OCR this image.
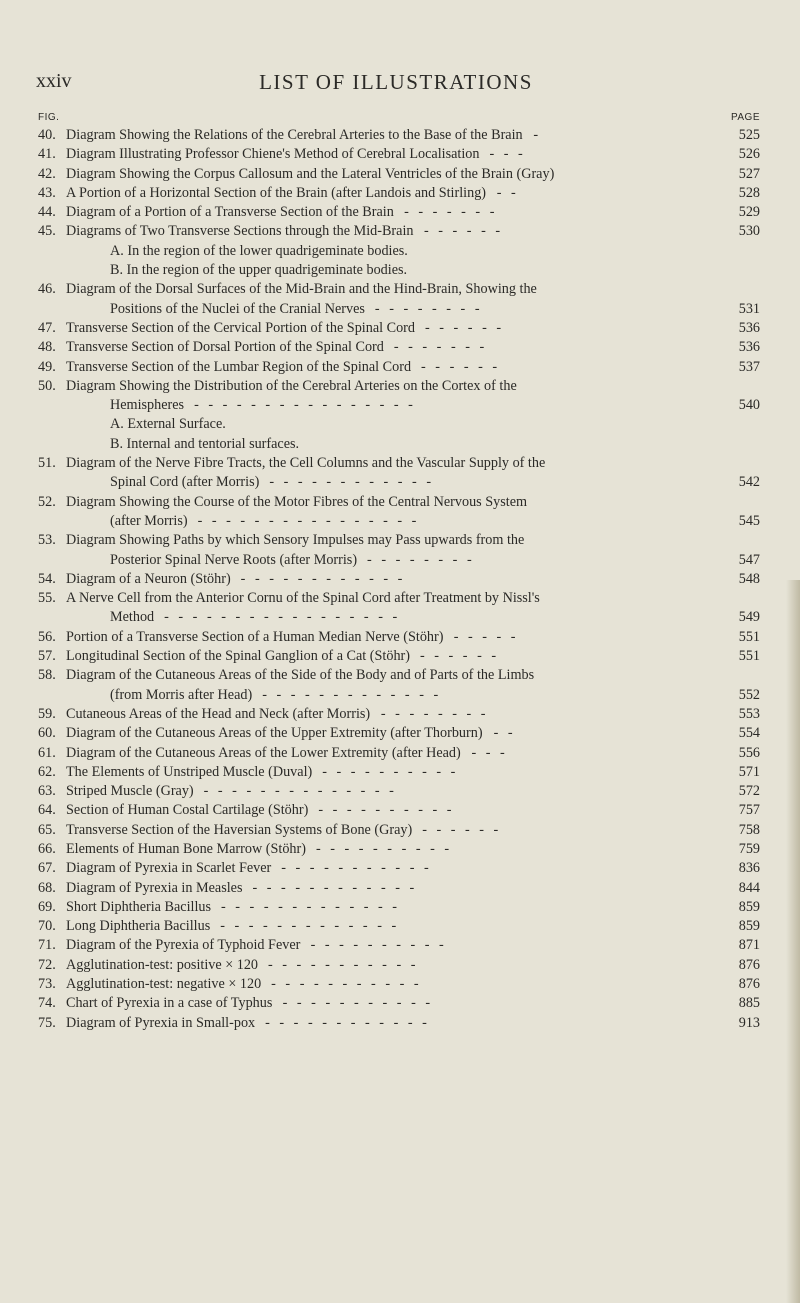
xxiv	LIST OF ILLUSTRATIONS
FIG.	PAGE
40. Diagram Showing the Relations of the Cerebral Arteries to the Base of the Brain -	525
41. Diagram Illustrating Professor Chiene's Method of Cerebral Localisation - - -	526
42. Diagram Showing the Corpus Callosum and the Lateral Ventricles of the Brain (Gray)	527
43. A Portion of a Horizontal Section of the Brain (after Landois and Stirling) - -	528
44. Diagram of a Portion of a Transverse Section of the Brain - - - - - - -	529
45. Diagrams of Two Transverse Sections through the Mid-Brain - - - - - -	530
A. In the region of the lower quadrigeminate bodies.
B. In the region of the upper quadrigeminate bodies.
46. Diagram of the Dorsal Surfaces of the Mid-Brain and the Hind-Brain, Showing the
Positions of the Nuclei of the Cranial Nerves - - - - - - - -	531
47. Transverse Section of the Cervical Portion of the Spinal Cord - - - - - -	536
48. Transverse Section of Dorsal Portion of the Spinal Cord - - - - - - -	536
49. Transverse Section of the Lumbar Region of the Spinal Cord - - - - - -	537
50. Diagram Showing the Distribution of the Cerebral Arteries on the Cortex of the
Hemispheres - - - - - - - - - - - - - - - -	540
A. External Surface.
B. Internal and tentorial surfaces.
51. Diagram of the Nerve Fibre Tracts, the Cell Columns and the Vascular Supply of the
Spinal Cord (after Morris) - - - - - - - - - - - -	542
52. Diagram Showing the Course of the Motor Fibres of the Central Nervous System
(after Morris) - - - - - - - - - - - - - - - -	545
53. Diagram Showing Paths by which Sensory Impulses may Pass upwards from the
Posterior Spinal Nerve Roots (after Morris) - - - - - - - -	547
54. Diagram of a Neuron (Stöhr) - - - - - - - - - - - -	548
55. A Nerve Cell from the Anterior Cornu of the Spinal Cord after Treatment by Nissl's
Method - - - - - - - - - - - - - - - - -	549
56. Portion of a Transverse Section of a Human Median Nerve (Stöhr) - - - - -	551
57. Longitudinal Section of the Spinal Ganglion of a Cat (Stöhr) - - - - - -	551
58. Diagram of the Cutaneous Areas of the Side of the Body and of Parts of the Limbs
(from Morris after Head) - - - - - - - - - - - - -	552
59. Cutaneous Areas of the Head and Neck (after Morris) - - - - - - - -	553
60. Diagram of the Cutaneous Areas of the Upper Extremity (after Thorburn) - -	554
61. Diagram of the Cutaneous Areas of the Lower Extremity (after Head) - - -	556
62. The Elements of Unstriped Muscle (Duval) - - - - - - - - - -	571
63. Striped Muscle (Gray) - - - - - - - - - - - - - -	572
64. Section of Human Costal Cartilage (Stöhr) - - - - - - - - - -	757
65. Transverse Section of the Haversian Systems of Bone (Gray) - - - - - -	758
66. Elements of Human Bone Marrow (Stöhr) - - - - - - - - - -	759
67. Diagram of Pyrexia in Scarlet Fever - - - - - - - - - - -	836
68. Diagram of Pyrexia in Measles - - - - - - - - - - - -	844
69. Short Diphtheria Bacillus - - - - - - - - - - - - -	859
70. Long Diphtheria Bacillus - - - - - - - - - - - - -	859
71. Diagram of the Pyrexia of Typhoid Fever - - - - - - - - - -	871
72. Agglutination-test: positive × 120 - - - - - - - - - - -	876
73. Agglutination-test: negative × 120 - - - - - - - - - - -	876
74. Chart of Pyrexia in a case of Typhus - - - - - - - - - - -	885
75. Diagram of Pyrexia in Small-pox - - - - - - - - - - - -	913
